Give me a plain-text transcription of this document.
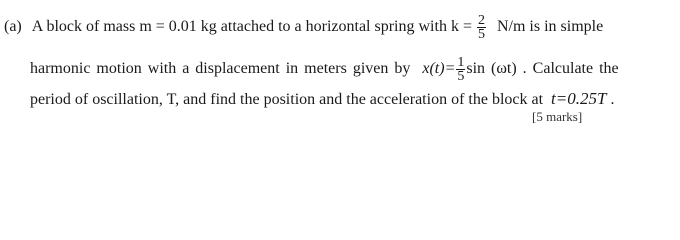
(a) A block of mass m = 0.01 kg attached to a horizontal spring with $k = \frac{2}{5} N/m$ is in simple
harmonic motion with a displacement in meters given by $x(t)= \frac{1}{5}$ sin (ωt) . Calculate the
period of oscillation, T, and find the position and the acceleration of the block at t=0.25T .
[5 marks]
